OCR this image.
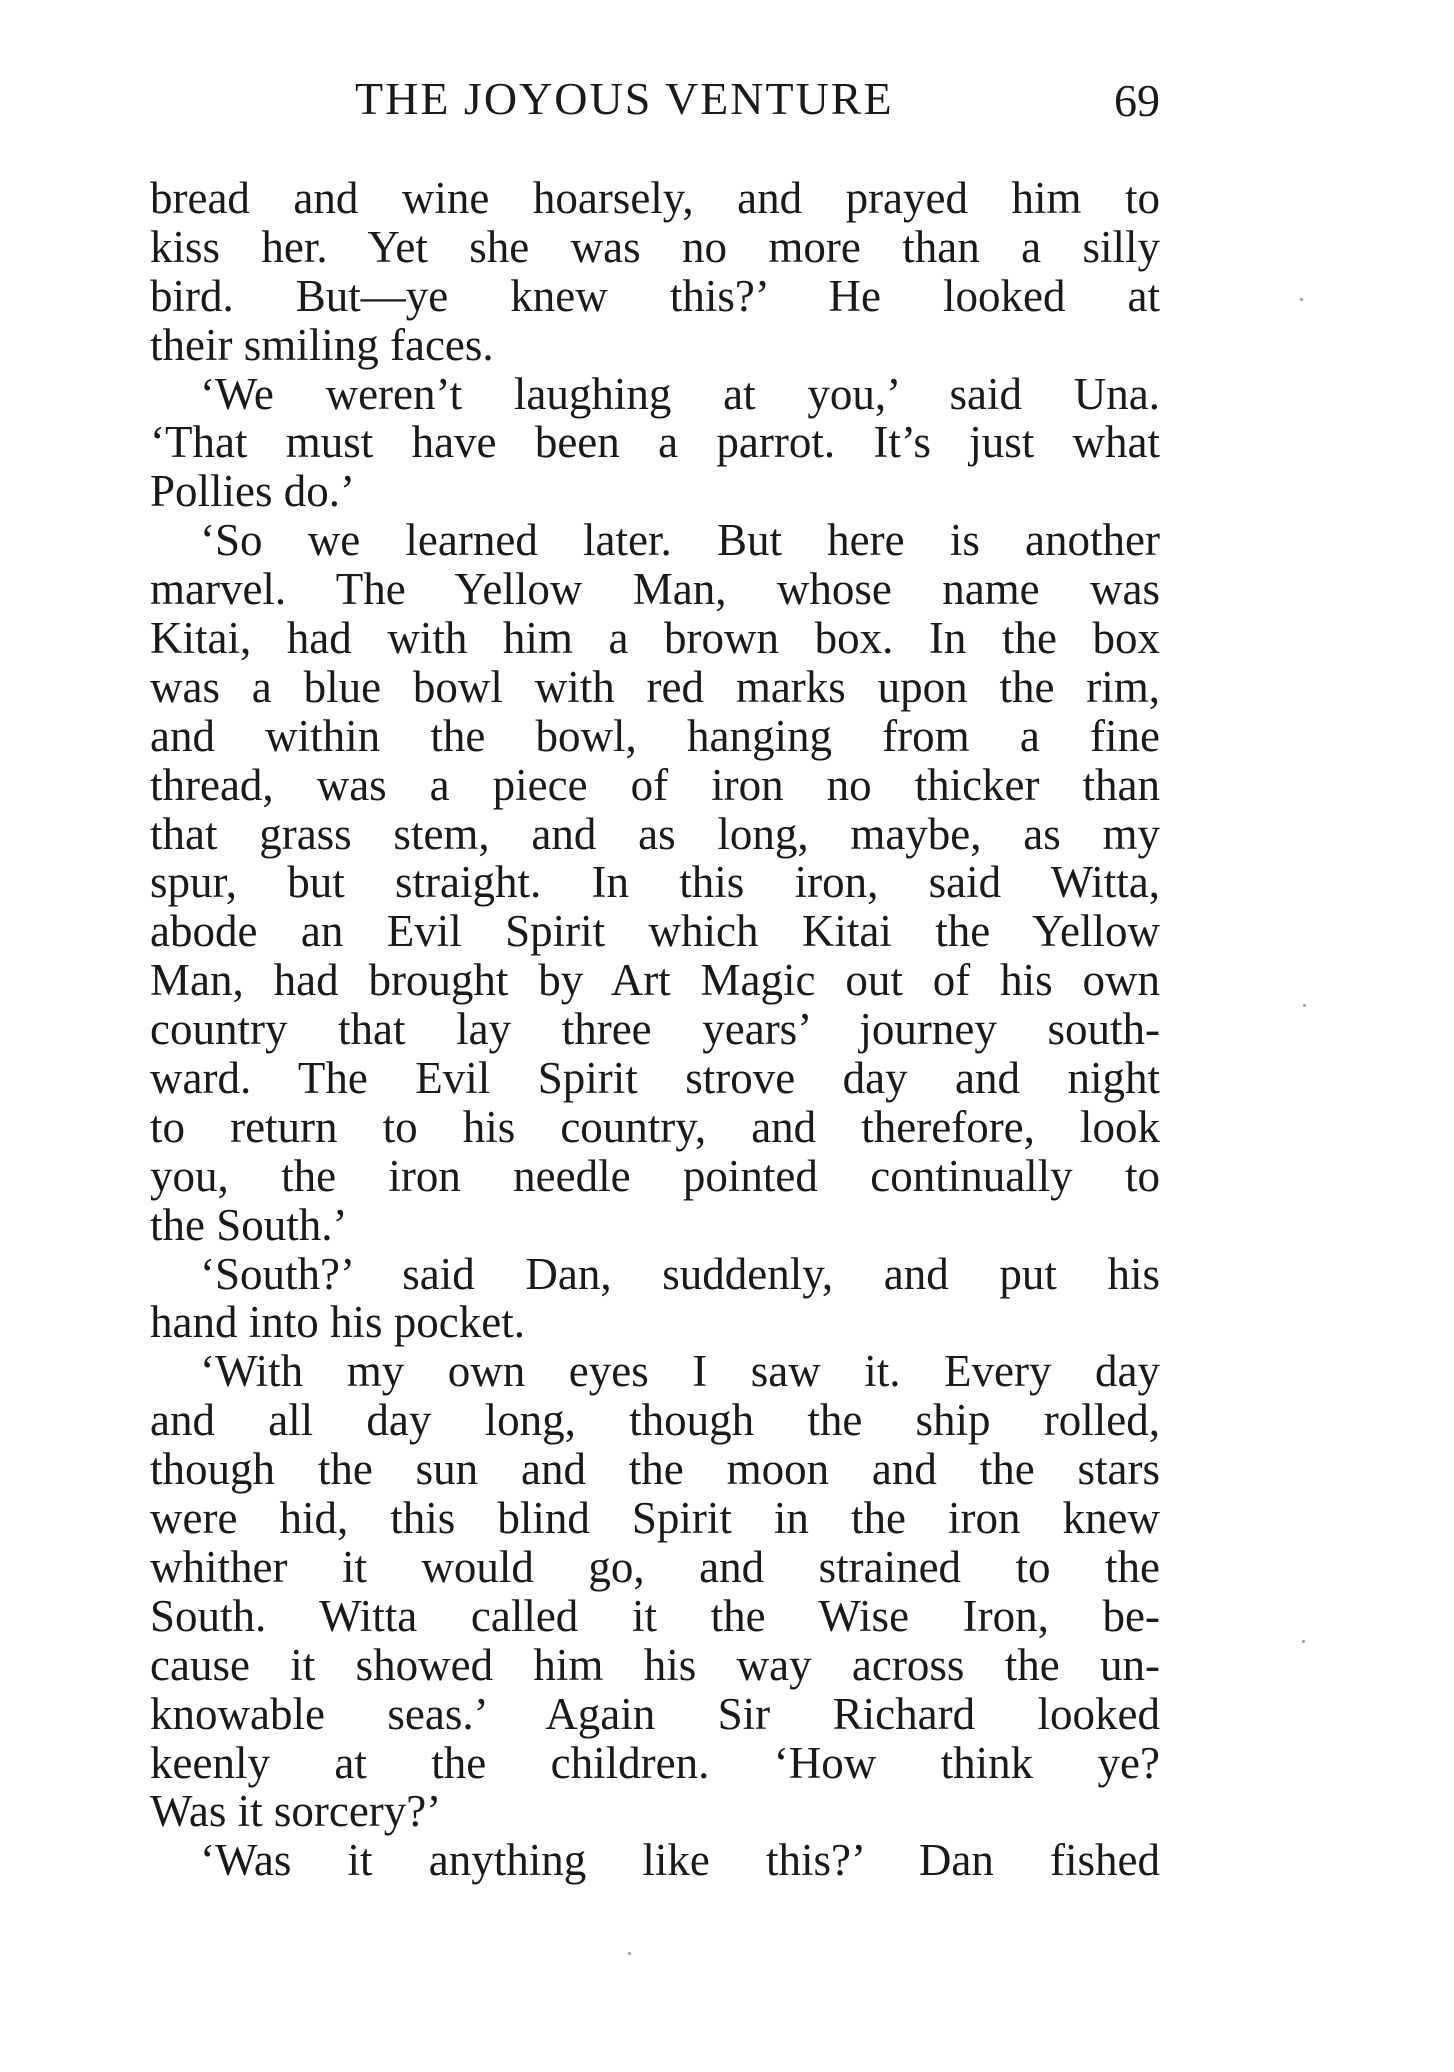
THE JOYOUS VENTURE	69
bread and wine hoarsely, and prayed him to
kiss her. Yet she was no more than a silly
bird. But—ye knew this?’ He looked at
their smiling faces.
‘We weren’t laughing at you,’ said Una.
‘That must have been a parrot. It’s just what
Pollies do.’
‘So we learned later. But here is another
marvel. The Yellow Man, whose name was
Kitai, had with him a brown box. In the box
was a blue bowl with red marks upon the rim,
and within the bowl, hanging from a fine
thread, was a piece of iron no thicker than
that grass stem, and as long, maybe, as my
spur, but straight. In this iron, said Witta,
abode an Evil Spirit which Kitai the Yellow
Man, had brought by Art Magic out of his own
country that lay three years’ journey south-
ward. The Evil Spirit strove day and night
to return to his country, and therefore, look
you, the iron needle pointed continually to
the South.’
‘South?’ said Dan, suddenly, and put his
hand into his pocket.
‘With my own eyes I saw it. Every day
and all day long, though the ship rolled,
though the sun and the moon and the stars
were hid, this blind Spirit in the iron knew
whither it would go, and strained to the
South. Witta called it the Wise Iron, be-
cause it showed him his way across the un-
knowable seas.’ Again Sir Richard looked
keenly at the children. ‘How think ye?
Was it sorcery?’
‘Was it anything like this?’ Dan fished
